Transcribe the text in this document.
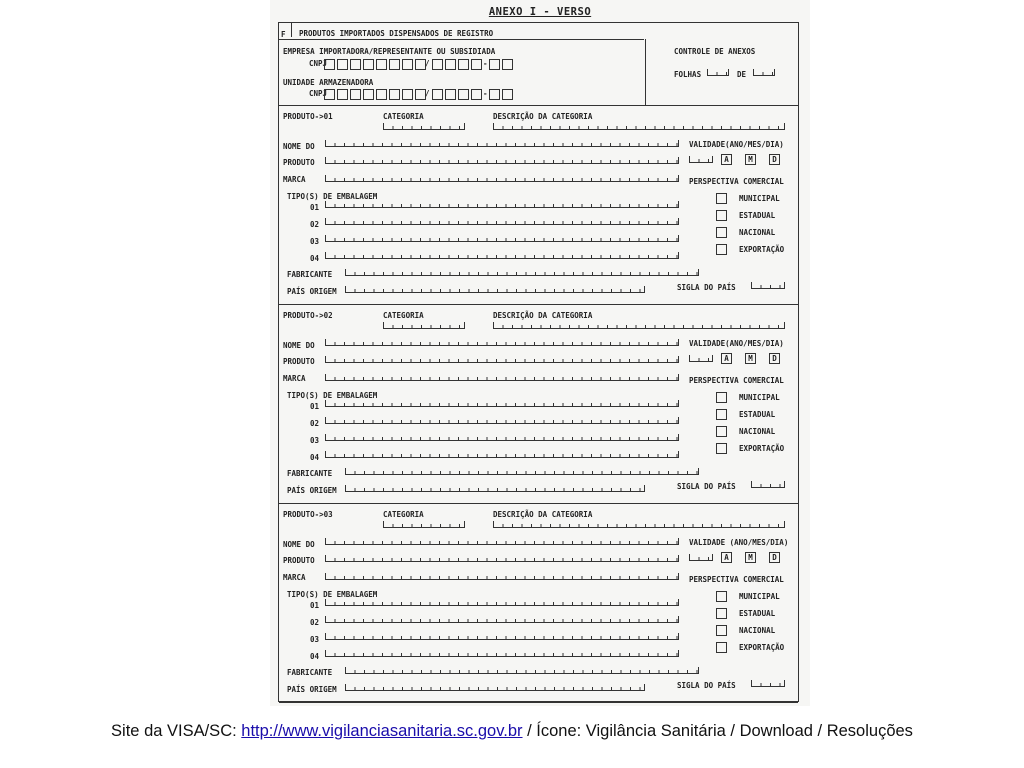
ANEXO I - VERSO
F PRODUTOS IMPORTADOS DISPENSADOS DE REGISTRO
EMPRESA IMPORTADORA/REPRESENTANTE OU SUBSIDIADA
CNPJ	/	-
UNIDADE ARMAZENADORA
CNPJ	/	-
CONTROLE DE ANEXOS
FOLHAS	DE
PRODUTO->01	CATEGORIA	DESCRIÇÃO DA CATEGORIA
NOME DO
PRODUTO
MARCA
TIPO(S) DE EMBALAGEM
01
02
03
04
FABRICANTE
PAÍS ORIGEM
VALIDADE(ANO/MES/DIA)
A	M	D
PERSPECTIVA COMERCIAL
MUNICIPAL
ESTADUAL
NACIONAL
EXPORTAÇÃO
SIGLA DO PAÍS
PRODUTO->02	CATEGORIA	DESCRIÇÃO DA CATEGORIA
NOME DO
PRODUTO
MARCA
TIPO(S) DE EMBALAGEM
01
02
03
04
FABRICANTE
PAÍS ORIGEM
VALIDADE(ANO/MES/DIA)
A	M	D
PERSPECTIVA COMERCIAL
MUNICIPAL
ESTADUAL
NACIONAL
EXPORTAÇÃO
SIGLA DO PAÍS
PRODUTO->03	CATEGORIA	DESCRIÇÃO DA CATEGORIA
NOME DO
PRODUTO
MARCA
TIPO(S) DE EMBALAGEM
01
02
03
04
FABRICANTE
PAÍS ORIGEM
VALIDADE (ANO/MES/DIA)
A	M	D
PERSPECTIVA COMERCIAL
MUNICIPAL
ESTADUAL
NACIONAL
EXPORTAÇÃO
SIGLA DO PAÍS
Site da VISA/SC: http://www.vigilanciasanitaria.sc.gov.br / Ícone: Vigilância Sanitária / Download / Resoluções
